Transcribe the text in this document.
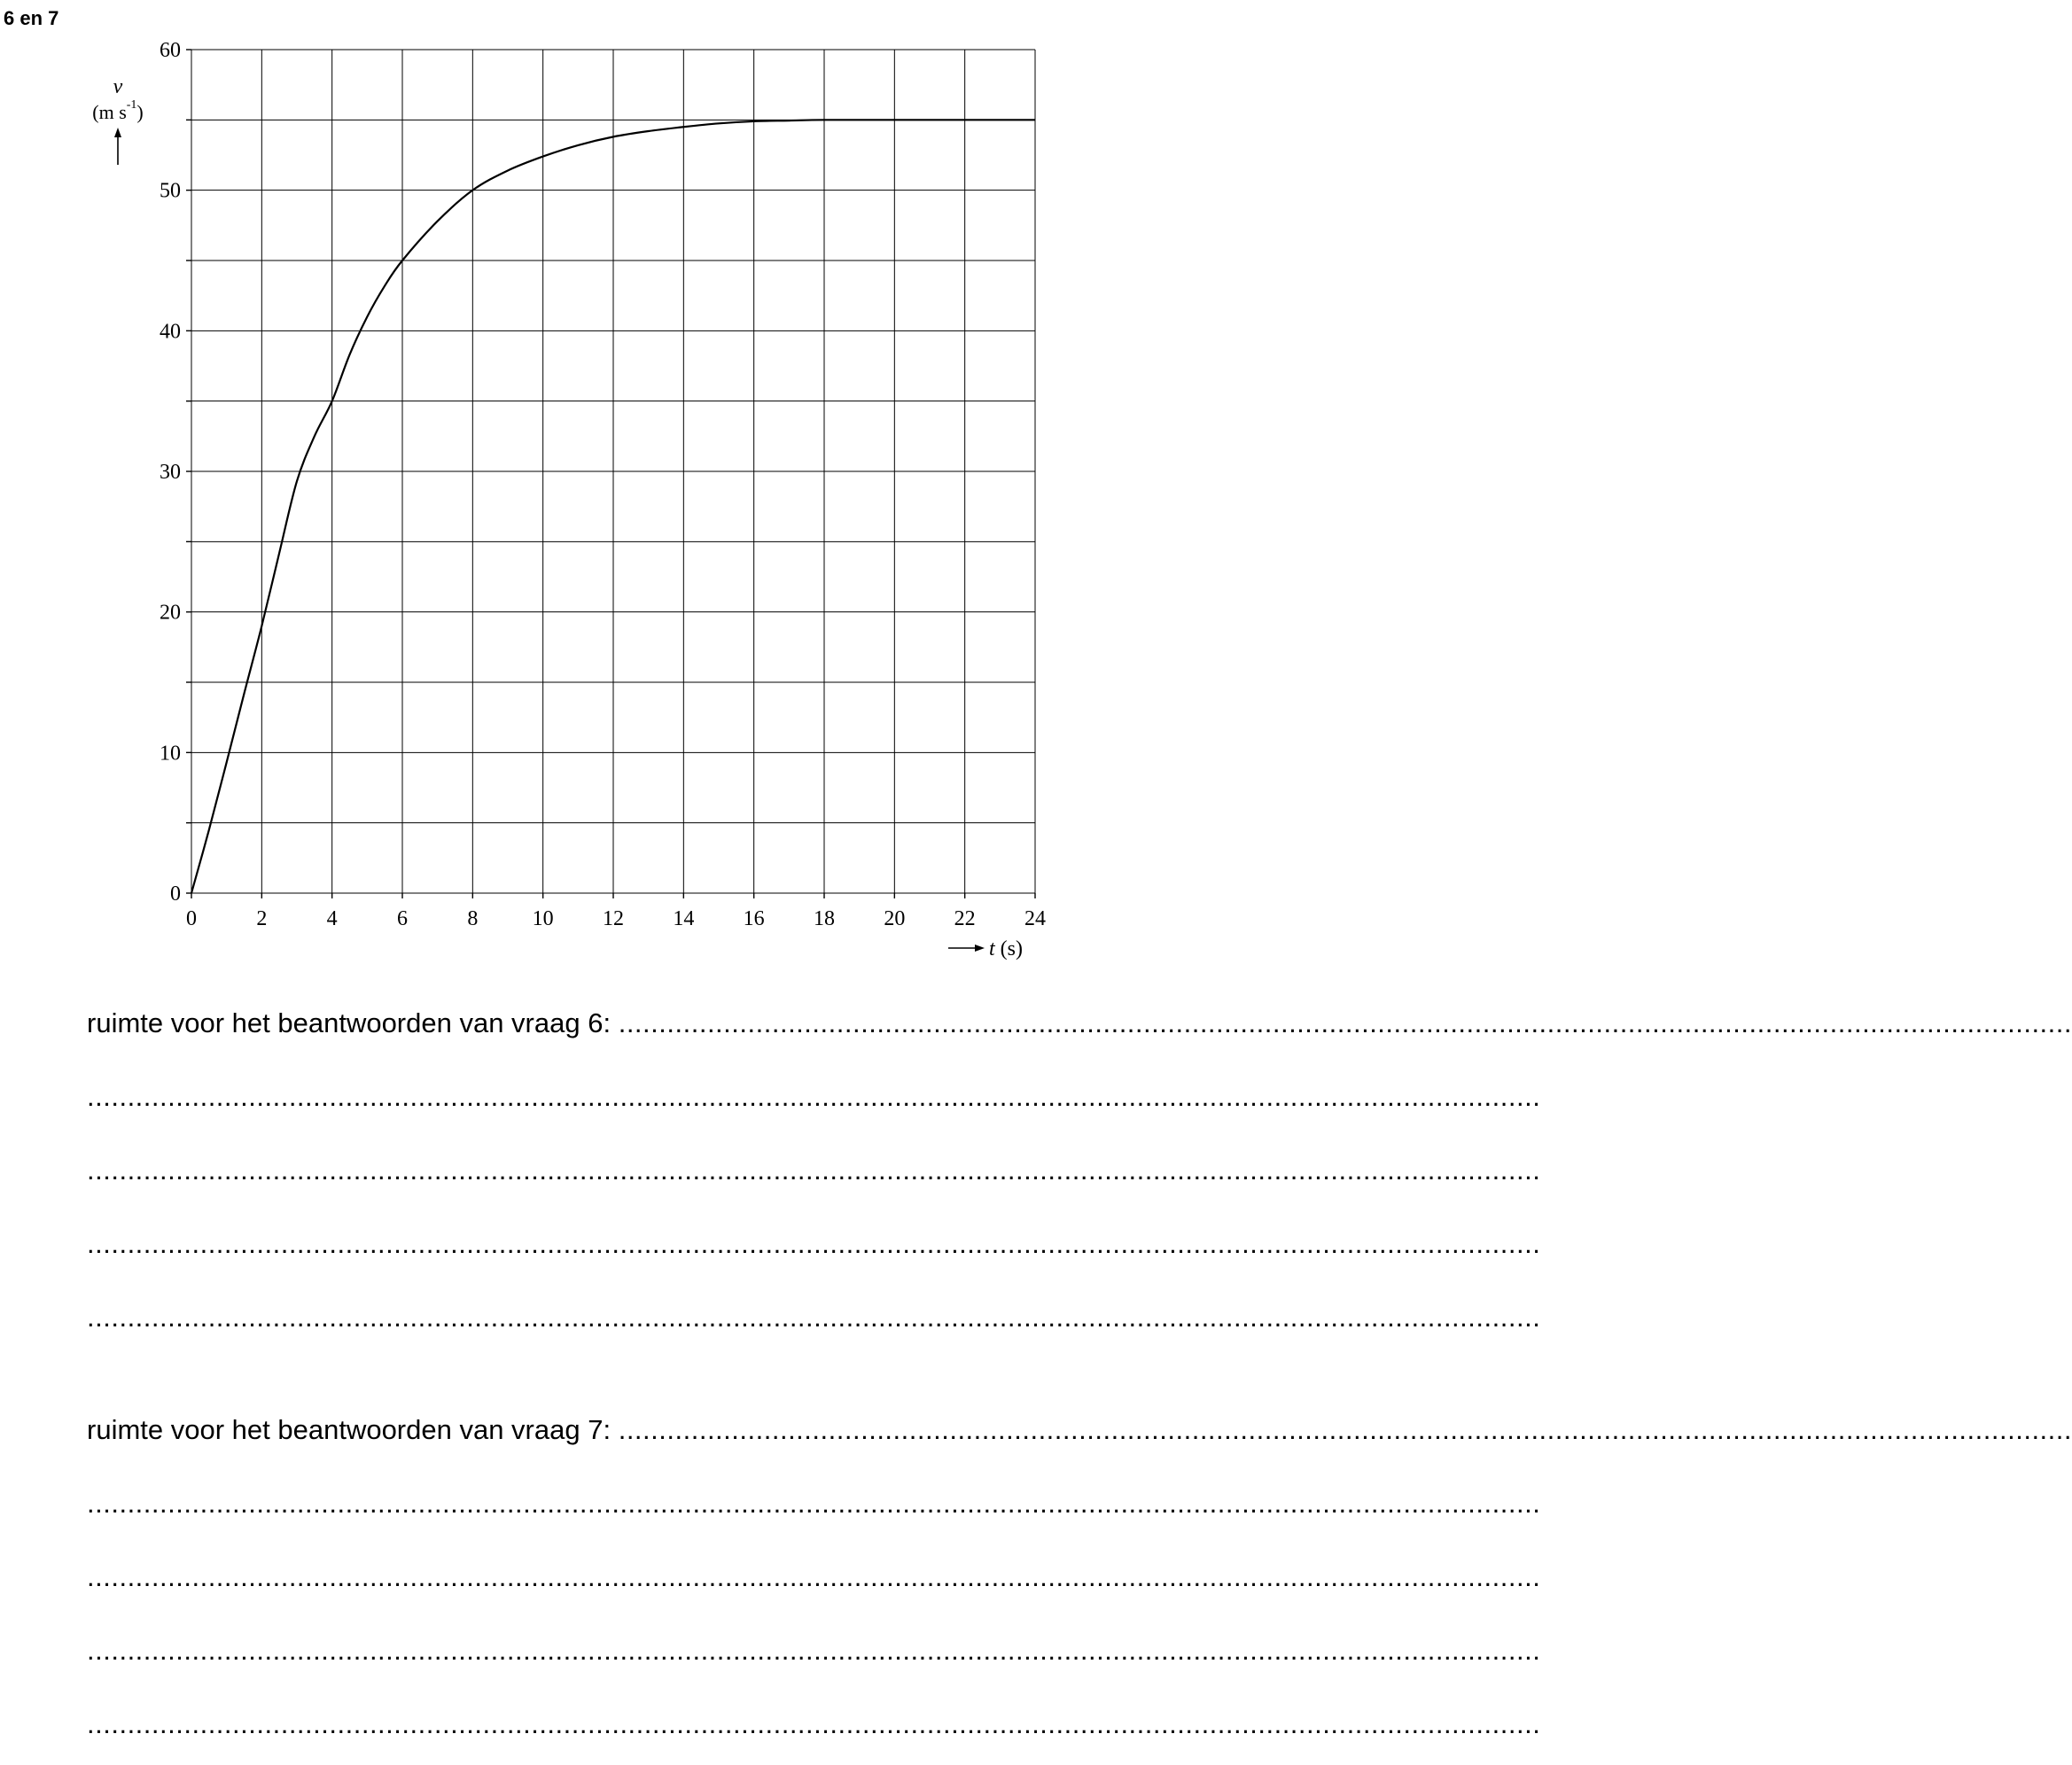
6 en 7
0	2	4	6	8	10 12 14 16 18 20 22 24
0
10
20
30
40
50
60
v
(m $s^{-1}$)
t (s)
ruimte voor het beantwoorden van vraag 6: ....................................................................................................................................................................................
....................................................................................................................................................................................
....................................................................................................................................................................................
....................................................................................................................................................................................
....................................................................................................................................................................................
ruimte voor het beantwoorden van vraag 7: ....................................................................................................................................................................................
....................................................................................................................................................................................
....................................................................................................................................................................................
....................................................................................................................................................................................
....................................................................................................................................................................................
